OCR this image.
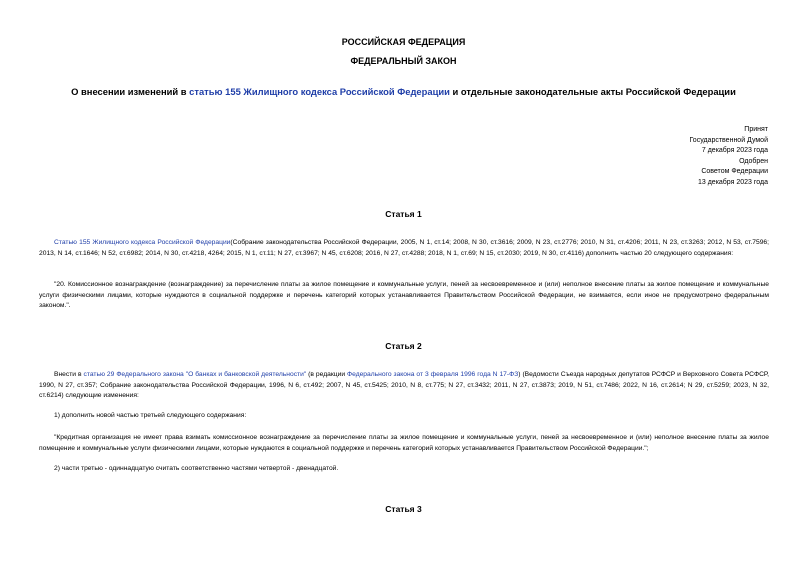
РОССИЙСКАЯ ФЕДЕРАЦИЯ
ФЕДЕРАЛЬНЫЙ ЗАКОН
О внесении изменений в статью 155 Жилищного кодекса Российской Федерации и отдельные законодательные акты Российской Федерации
Принят
Государственной Думой
7 декабря 2023 года
Одобрен
Советом Федерации
13 декабря 2023 года
Статья 1
Статью 155 Жилищного кодекса Российской Федерации(Собрание законодательства Российской Федерации, 2005, N 1, ст.14; 2008, N 30, ст.3616; 2009, N 23, ст.2776; 2010, N 31, ст.4206; 2011, N 23, ст.3263; 2012, N 53, ст.7596; 2013, N 14, ст.1646; N 52, ст.6982; 2014, N 30, ст.4218, 4264; 2015, N 1, ст.11; N 27, ст.3967; N 45, ст.6208; 2016, N 27, ст.4288; 2018, N 1, ст.69; N 15, ст.2030; 2019, N 30, ст.4116) дополнить частью 20 следующего содержания:
"20. Комиссионное вознаграждение (вознаграждение) за перечисление платы за жилое помещение и коммунальные услуги, пеней за несвоевременное и (или) неполное внесение платы за жилое помещение и коммунальные услуги физическими лицами, которые нуждаются в социальной поддержке и перечень категорий которых устанавливается Правительством Российской Федерации, не взимается, если иное не предусмотрено федеральным законом.".
Статья 2
Внести в статью 29 Федерального закона "О банках и банковской деятельности" (в редакции Федерального закона от 3 февраля 1996 года N 17-ФЗ) (Ведомости Съезда народных депутатов РСФСР и Верховного Совета РСФСР, 1990, N 27, ст.357; Собрание законодательства Российской Федерации, 1996, N 6, ст.492; 2007, N 45, ст.5425; 2010, N 8, ст.775; N 27, ст.3432; 2011, N 27, ст.3873; 2019, N 51, ст.7486; 2022, N 16, ст.2614; N 29, ст.5259; 2023, N 32, ст.6214) следующие изменения:
1) дополнить новой частью третьей следующего содержания:
"Кредитная организация не имеет права взимать комиссионное вознаграждение за перечисление платы за жилое помещение и коммунальные услуги, пеней за несвоевременное и (или) неполное внесение платы за жилое помещение и коммунальные услуги физическими лицами, которые нуждаются в социальной поддержке и перечень категорий которых устанавливается Правительством Российской Федерации.";
2) части третью - одиннадцатую считать соответственно частями четвертой - двенадцатой.
Статья 3
